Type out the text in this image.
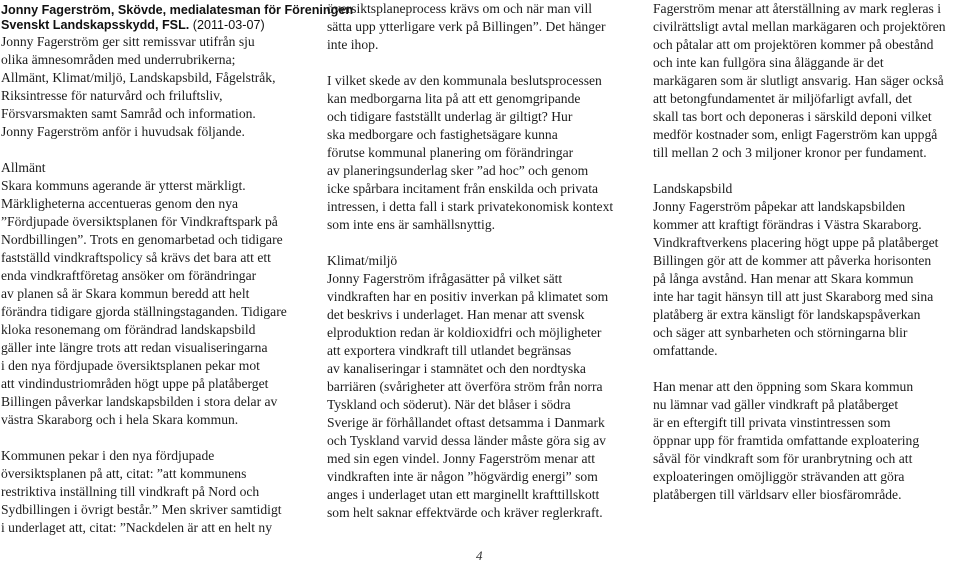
Jonny Fagerström, Skövde, medialatesman för Föreningen
Svenskt Landskapsskydd, FSL. (2011-03-07)
Jonny Fagerström ger sitt remissvar utifrån sju
olika ämnesområden med underrubrikerna;
Allmänt, Klimat/miljö, Landskapsbild, Fågelstråk,
Riksintresse för naturvård och friluftsliv,
Försvarsmakten samt Samråd och information.
Jonny Fagerström anför i huvudsak följande.
Allmänt
Skara kommuns agerande är ytterst märkligt.
Märkligheterna accentueras genom den nya
”Fördjupade översiktsplanen för Vindkraftspark på
Nordbillingen”. Trots en genomarbetad och tidigare
fastställd vindkraftspolicy så krävs det bara att ett
enda vindkraftföretag ansöker om förändringar
av planen så är Skara kommun beredd att helt
förändra tidigare gjorda ställningstaganden. Tidigare
kloka resonemang om förändrad landskapsbild
gäller inte längre trots att redan visualiseringarna
i den nya fördjupade översiktsplanen pekar mot
att vindindustriområden högt uppe på platåberget
Billingen påverkar landskapsbilden i stora delar av
västra Skaraborg och i hela Skara kommun.
Kommunen pekar i den nya fördjupade
översiktsplanen på att, citat: ”att kommunens
restriktiva inställning till vindkraft på Nord och
Sydbillingen i övrigt består.” Men skriver samtidigt
i underlaget att, citat: ”Nackdelen är att en helt ny
översiktsplaneprocess krävs om och när man vill
sätta upp ytterligare verk på Billingen”. Det hänger
inte ihop.
I vilket skede av den kommunala beslutsprocessen
kan medborgarna lita på att ett genomgripande
och tidigare fastställt underlag är giltigt? Hur
ska medborgare och fastighetsägare kunna
förutse kommunal planering om förändringar
av planeringsunderlag sker ”ad hoc” och genom
icke spårbara incitament från enskilda och privata
intressen, i detta fall i stark privatekonomisk kontext
som inte ens är samhällsnyttig.
Klimat/miljö
Jonny Fagerström ifrågasätter på vilket sätt
vindkraften har en positiv inverkan på klimatet som
det beskrivs i underlaget. Han menar att svensk
elproduktion redan är koldioxidfri och möjligheter
att exportera vindkraft till utlandet begränsas
av kanaliseringar i stamnätet och den nordtyska
barriären (svårigheter att överföra ström från norra
Tyskland och söderut). När det blåser i södra
Sverige är förhållandet oftast detsamma i Danmark
och Tyskland varvid dessa länder måste göra sig av
med sin egen vindel. Jonny Fagerström menar att
vindkraften inte är någon ”högvärdig energi” som
anges i underlaget utan ett marginellt krafttillskott
som helt saknar effektvärde och kräver reglerkraft.
Fagerström menar att återställning av mark regleras i
civilrättsligt avtal mellan markägaren och projektören
och påtalar att om projektören kommer på obestånd
och inte kan fullgöra sina åläggande är det
markägaren som är slutligt ansvarig. Han säger också
att betongfundamentet är miljöfarligt avfall, det
skall tas bort och deponeras i särskild deponi vilket
medför kostnader som, enligt Fagerström kan uppgå
till mellan 2 och 3 miljoner kronor per fundament.
Landskapsbild
Jonny Fagerström påpekar att landskapsbilden
kommer att kraftigt förändras i Västra Skaraborg.
Vindkraftverkens placering högt uppe på platåberget
Billingen gör att de kommer att påverka horisonten
på långa avstånd. Han menar att Skara kommun
inte har tagit hänsyn till att just Skaraborg med sina
platåberg är extra känsligt för landskapspåverkan
och säger att synbarheten och störningarna blir
omfattande.
Han menar att den öppning som Skara kommun
nu lämnar vad gäller vindkraft på platåberget
är en eftergift till privata vinstintressen som
öppnar upp för framtida omfattande exploatering
såväl för vindkraft som för uranbrytning och att
exploateringen omöjliggör strävanden att göra
platåbergen till världsarv eller biosfärområde.
4
